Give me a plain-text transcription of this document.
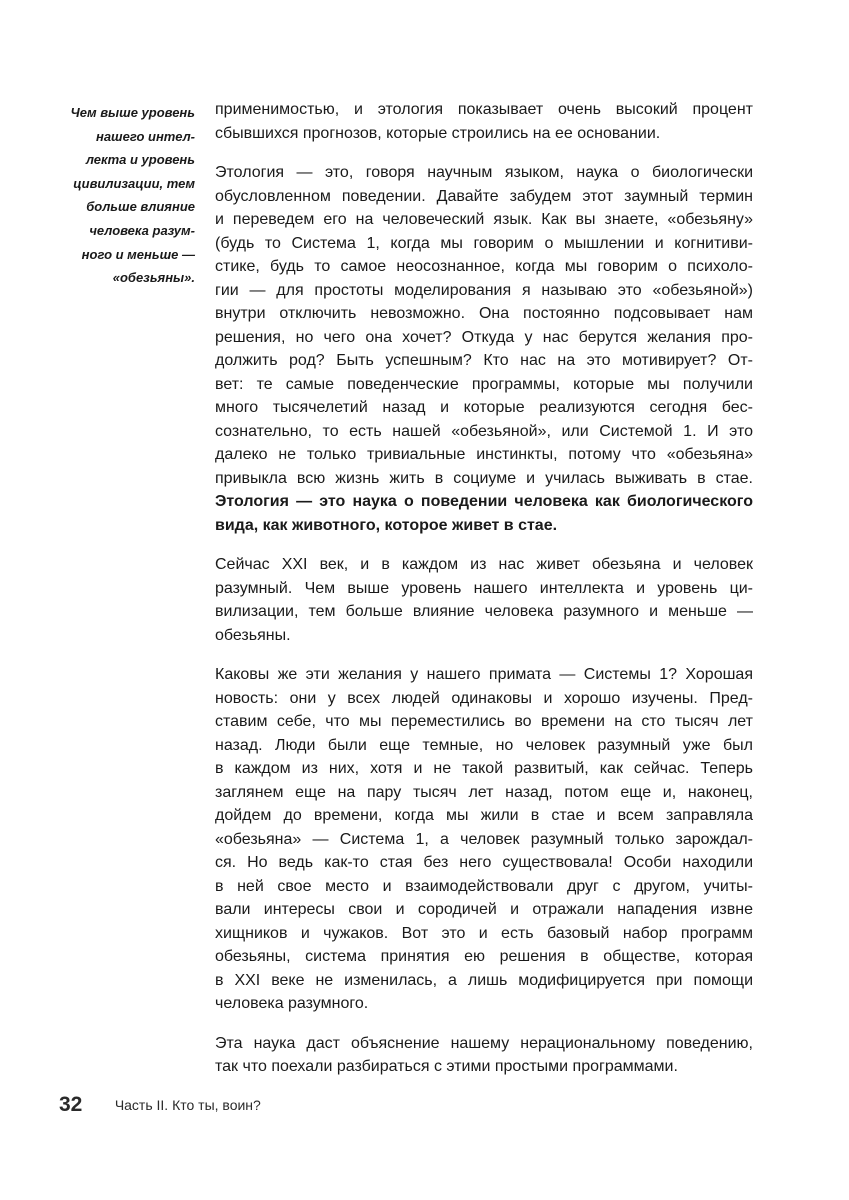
Чем выше уровень
нашего интел-
лекта и уровень
цивилизации, тем
больше влияние
человека разум-
ного и меньше —
«обезьяны».
применимостью, и этология показывает очень высокий процент
сбывшихся прогнозов, которые строились на ее основании.
Этология — это, говоря научным языком, наука о биологически
обусловленном поведении. Давайте забудем этот заумный термин
и переведем его на человеческий язык. Как вы знаете, «обезьяну»
(будь то Система 1, когда мы говорим о мышлении и когнитиви-
стике, будь то самое неосознанное, когда мы говорим о психоло-
гии — для простоты моделирования я называю это «обезьяной»)
внутри отключить невозможно. Она постоянно подсовывает нам
решения, но чего она хочет? Откуда у нас берутся желания про-
должить род? Быть успешным? Кто нас на это мотивирует? От-
вет: те самые поведенческие программы, которые мы получили
много тысячелетий назад и которые реализуются сегодня бес-
сознательно, то есть нашей «обезьяной», или Системой 1. И это
далеко не только тривиальные инстинкты, потому что «обезьяна»
привыкла всю жизнь жить в социуме и училась выживать в стае.
Этология — это наука о поведении человека как биологического
вида, как животного, которое живет в стае.
Сейчас XXI век, и в каждом из нас живет обезьяна и человек
разумный. Чем выше уровень нашего интеллекта и уровень ци-
вилизации, тем больше влияние человека разумного и меньше —
обезьяны.
Каковы же эти желания у нашего примата — Системы 1? Хорошая
новость: они у всех людей одинаковы и хорошо изучены. Пред-
ставим себе, что мы переместились во времени на сто тысяч лет
назад. Люди были еще темные, но человек разумный уже был
в каждом из них, хотя и не такой развитый, как сейчас. Теперь
заглянем еще на пару тысяч лет назад, потом еще и, наконец,
дойдем до времени, когда мы жили в стае и всем заправляла
«обезьяна» — Система 1, а человек разумный только зарождал-
ся. Но ведь как-то стая без него существовала! Особи находили
в ней свое место и взаимодействовали друг с другом, учиты-
вали интересы свои и сородичей и отражали нападения извне
хищников и чужаков. Вот это и есть базовый набор программ
обезьяны, система принятия ею решения в обществе, которая
в XXI веке не изменилась, а лишь модифицируется при помощи
человека разумного.
Эта наука даст объяснение нашему нерациональному поведению,
так что поехали разбираться с этими простыми программами.
32 Часть II. Кто ты, воин?
